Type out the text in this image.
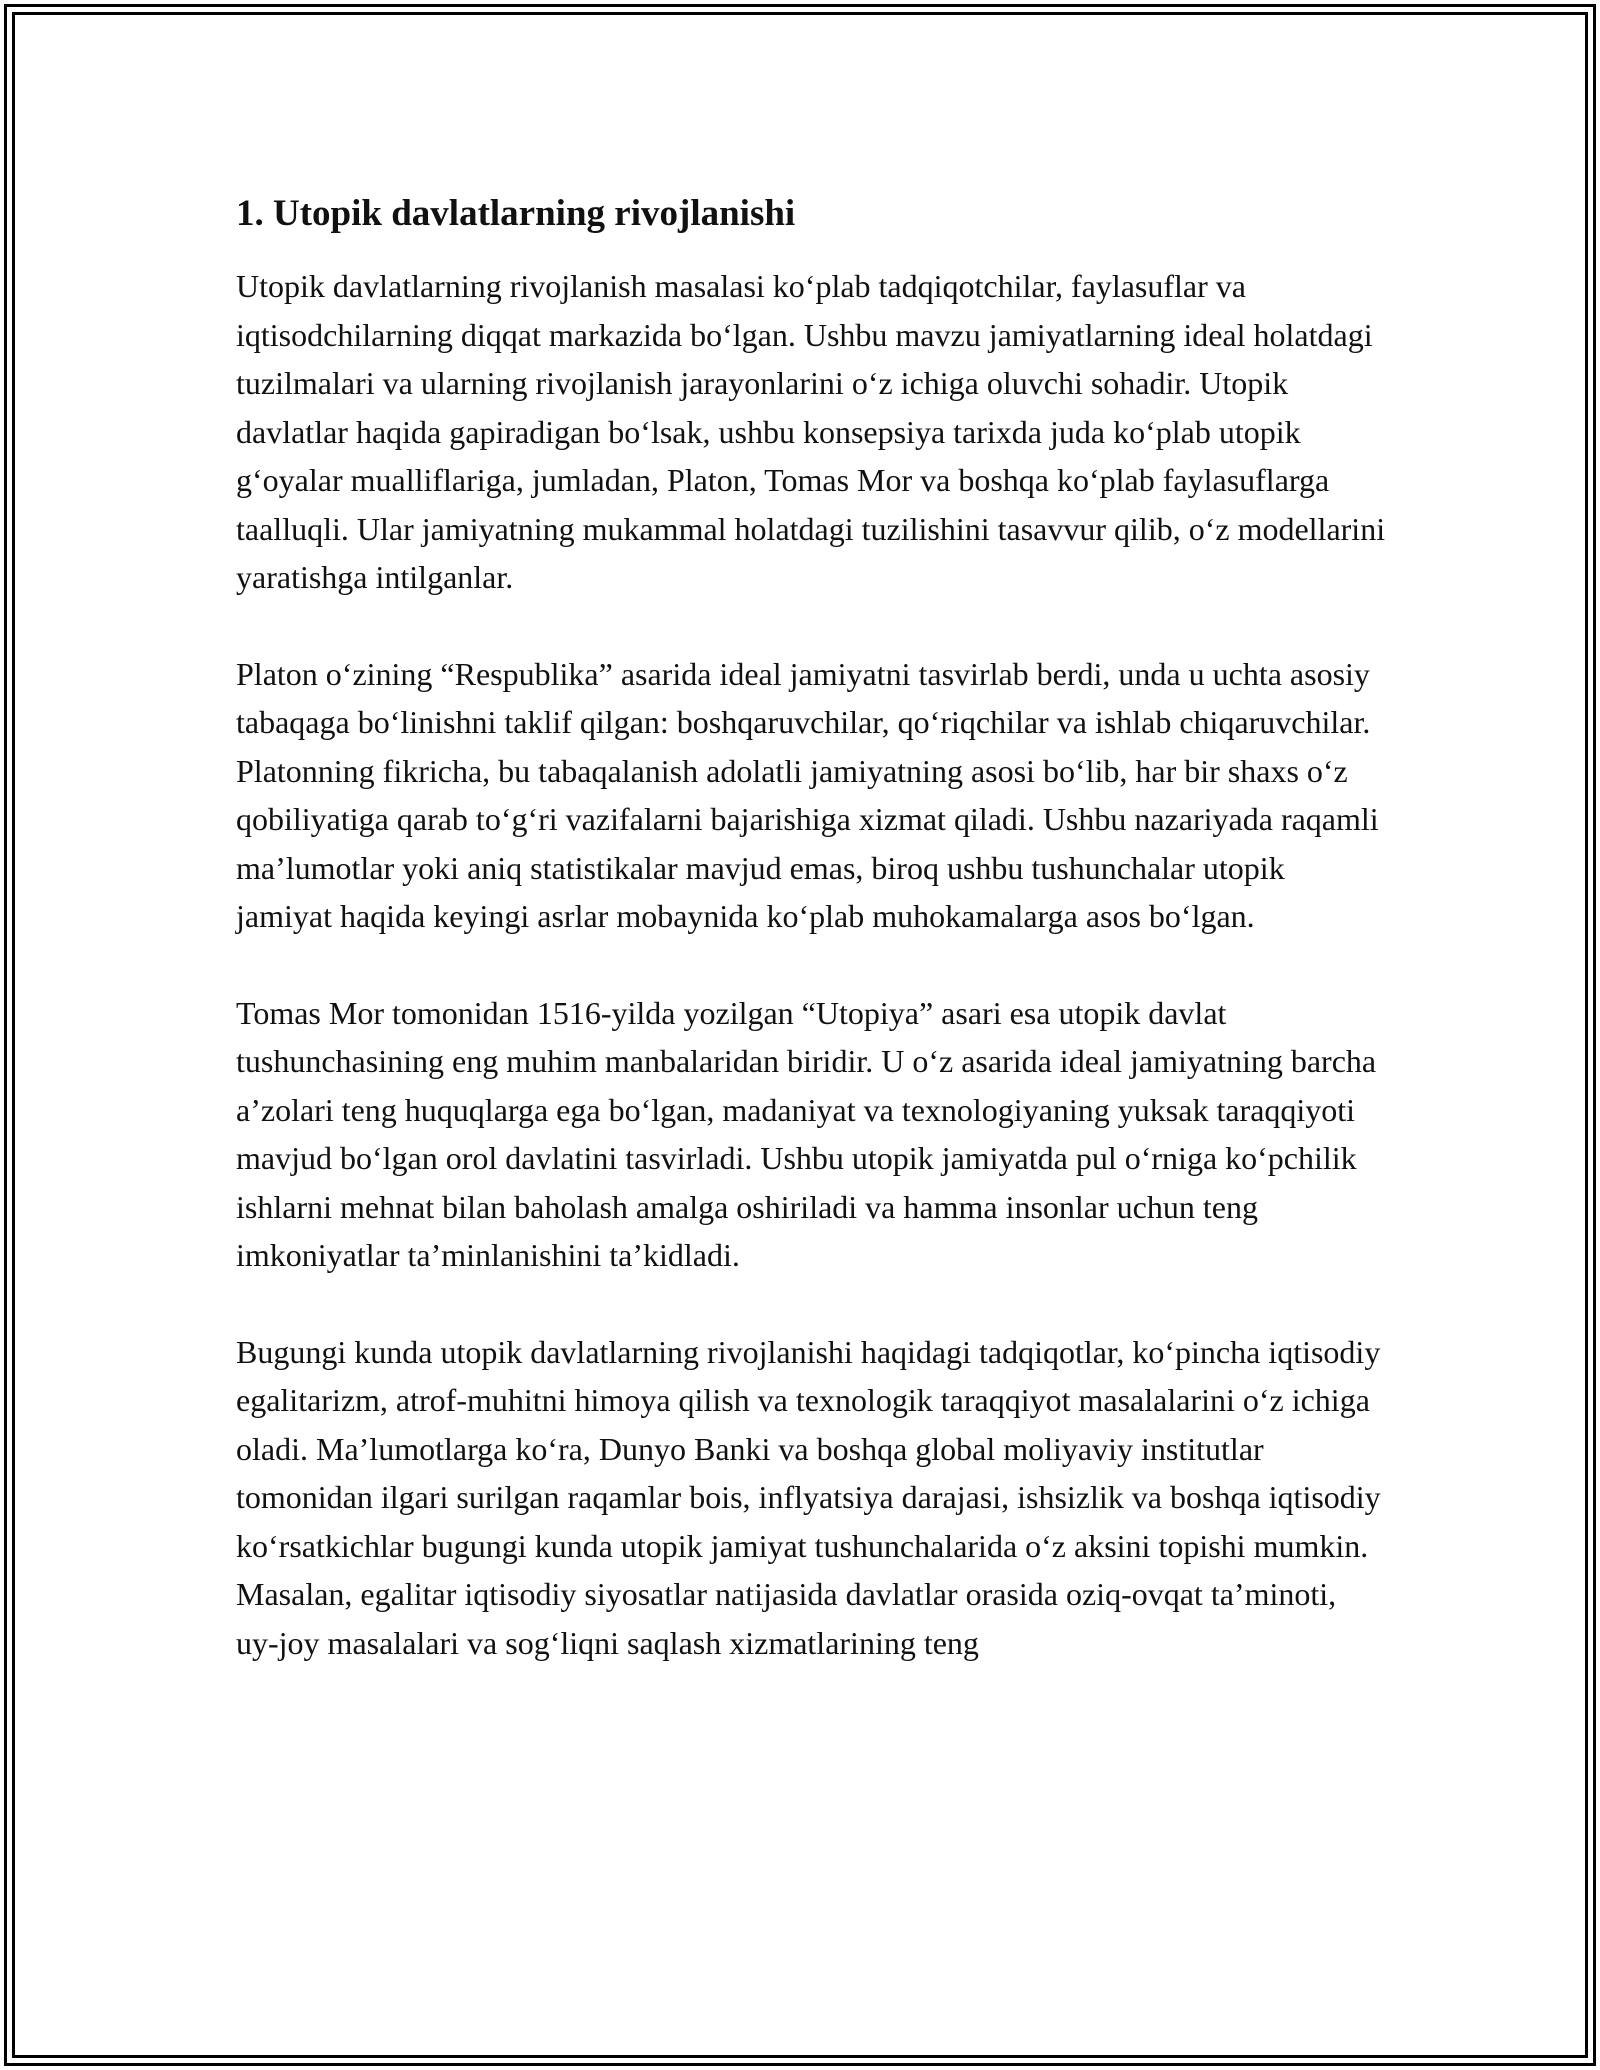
1. Utopik davlatlarning rivojlanishi

Utopik davlatlarning rivojlanish masalasi ko‘plab tadqiqotchilar, faylasuflar va iqtisodchilarning diqqat markazida bo‘lgan. Ushbu mavzu jamiyatlarning ideal holatdagi tuzilmalari va ularning rivojlanish jarayonlarini o‘z ichiga oluvchi sohadir. Utopik davlatlar haqida gapiradigan bo‘lsak, ushbu konsepsiya tarixda juda ko‘plab utopik g‘oyalar mualliflariga, jumladan, Platon, Tomas Mor va boshqa ko‘plab faylasuflarga taalluqli. Ular jamiyatning mukammal holatdagi tuzilishini tasavvur qilib, o‘z modellarini yaratishga intilganlar.

Platon o‘zining “Respublika” asarida ideal jamiyatni tasvirlab berdi, unda u uchta asosiy tabaqaga bo‘linishni taklif qilgan: boshqaruvchilar, qo‘riqchilar va ishlab chiqaruvchilar. Platonning fikricha, bu tabaqalanish adolatli jamiyatning asosi bo‘lib, har bir shaxs o‘z qobiliyatiga qarab to‘g‘ri vazifalarni bajarishiga xizmat qiladi. Ushbu nazariyada raqamli ma’lumotlar yoki aniq statistikalar mavjud emas, biroq ushbu tushunchalar utopik jamiyat haqida keyingi asrlar mobaynida ko‘plab muhokamalarga asos bo‘lgan.

Tomas Mor tomonidan 1516-yilda yozilgan “Utopiya” asari esa utopik davlat tushunchasining eng muhim manbalaridan biridir. U o‘z asarida ideal jamiyatning barcha a’zolari teng huquqlarga ega bo‘lgan, madaniyat va texnologiyaning yuksak taraqqiyoti mavjud bo‘lgan orol davlatini tasvirladi. Ushbu utopik jamiyatda pul o‘rniga ko‘pchilik ishlarni mehnat bilan baholash amalga oshiriladi va hamma insonlar uchun teng imkoniyatlar ta’minlanishini ta’kidladi.

Bugungi kunda utopik davlatlarning rivojlanishi haqidagi tadqiqotlar, ko‘pincha iqtisodiy egalitarizm, atrof-muhitni himoya qilish va texnologik taraqqiyot masalalarini o‘z ichiga oladi. Ma’lumotlarga ko‘ra, Dunyo Banki va boshqa global moliyaviy institutlar tomonidan ilgari surilgan raqamlar bois, inflyatsiya darajasi, ishsizlik va boshqa iqtisodiy ko‘rsatkichlar bugungi kunda utopik jamiyat tushunchalarida o‘z aksini topishi mumkin. Masalan, egalitar iqtisodiy siyosatlar natijasida davlatlar orasida oziq-ovqat ta’minoti, uy-joy masalalari va sog‘liqni saqlash xizmatlarining teng
